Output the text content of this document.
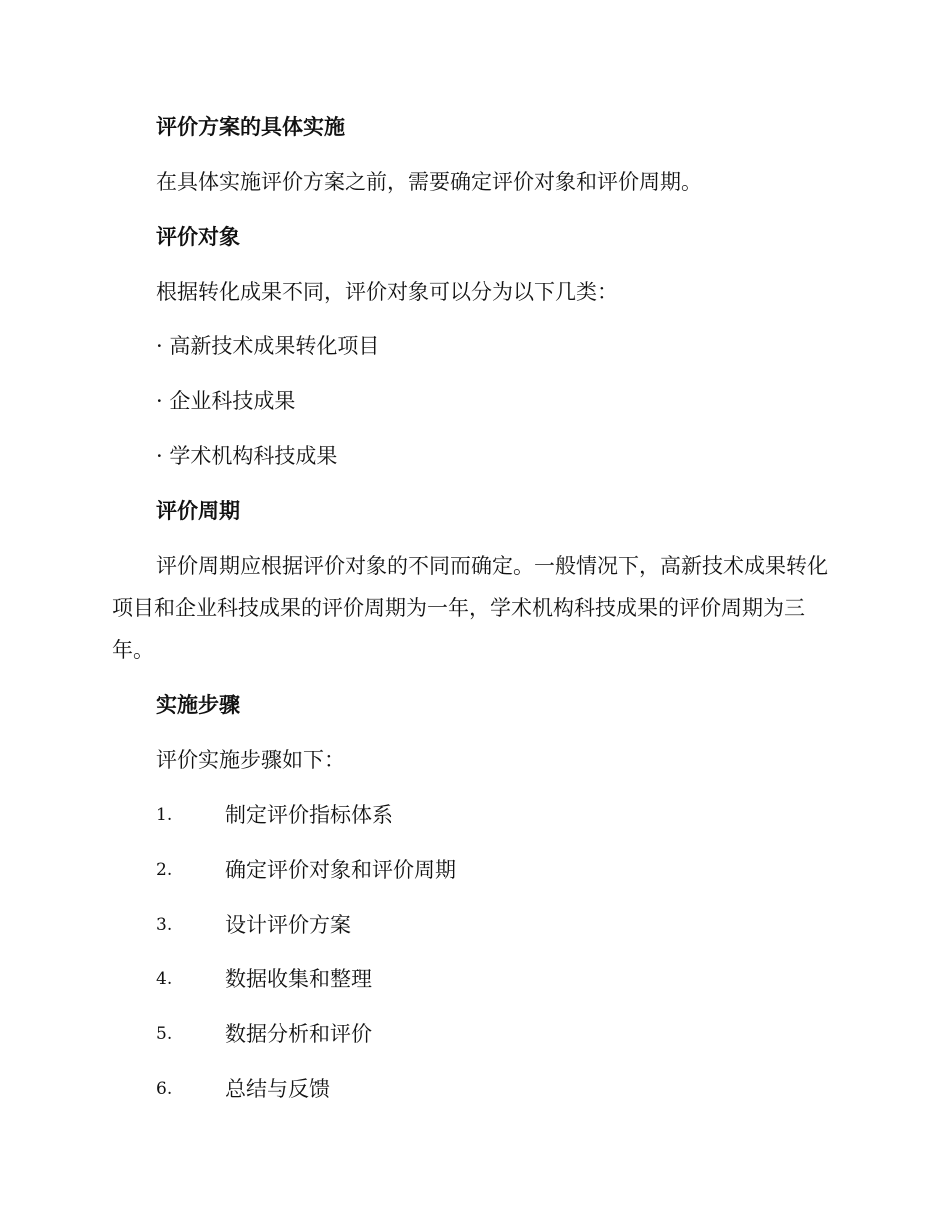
评价方案的具体实施
在具体实施评价方案之前，需要确定评价对象和评价周期。
评价对象
根据转化成果不同，评价对象可以分为以下几类：
· 高新技术成果转化项目
· 企业科技成果
· 学术机构科技成果
评价周期
评价周期应根据评价对象的不同而确定。一般情况下，高新技术成果转化项目和企业科技成果的评价周期为一年，学术机构科技成果的评价周期为三年。
实施步骤
评价实施步骤如下：
1.	制定评价指标体系
2.	确定评价对象和评价周期
3.	设计评价方案
4.	数据收集和整理
5.	数据分析和评价
6.	总结与反馈
